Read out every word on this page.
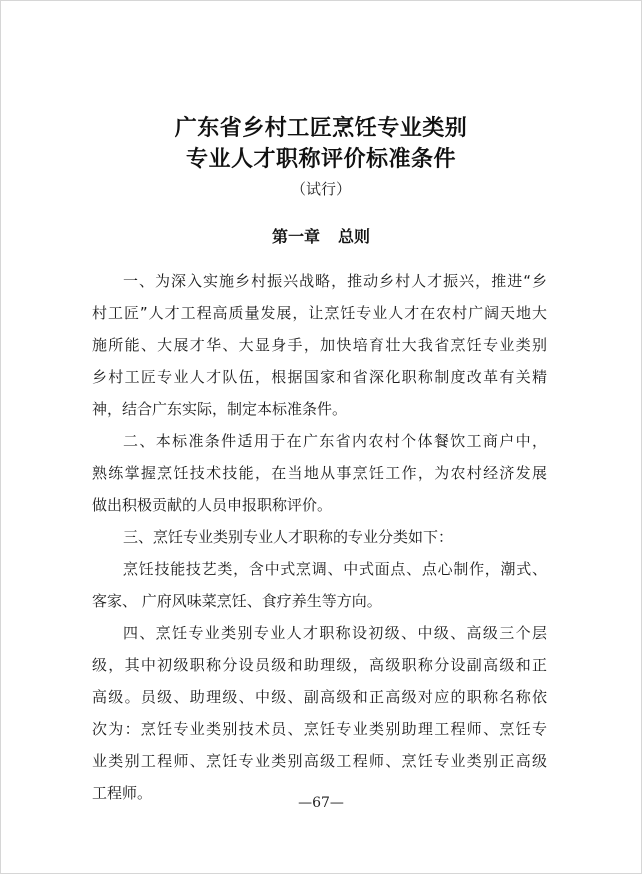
广东省乡村工匠烹饪专业类别
专业人才职称评价标准条件
（试行）
第一章 总则
一、为深入实施乡村振兴战略，推动乡村人才振兴，推进“乡
村工匠”人才工程高质量发展，让烹饪专业人才在农村广阔天地大
施所能、大展才华、大显身手，加快培育壮大我省烹饪专业类别
乡村工匠专业人才队伍，根据国家和省深化职称制度改革有关精
神，结合广东实际，制定本标准条件。
二、本标准条件适用于在广东省内农村个体餐饮工商户中，
熟练掌握烹饪技术技能，在当地从事烹饪工作，为农村经济发展
做出积极贡献的人员申报职称评价。
三、烹饪专业类别专业人才职称的专业分类如下：
烹饪技能技艺类，含中式烹调、中式面点、点心制作，潮式、
客家、 广府风味菜烹饪、食疗养生等方向。
四、烹饪专业类别专业人才职称设初级、中级、高级三个层
级，其中初级职称分设员级和助理级，高级职称分设副高级和正
高级。员级、助理级、中级、副高级和正高级对应的职称名称依
次为：烹饪专业类别技术员、烹饪专业类别助理工程师、烹饪专
业类别工程师、烹饪专业类别高级工程师、烹饪专业类别正高级
工程师。
—67—
